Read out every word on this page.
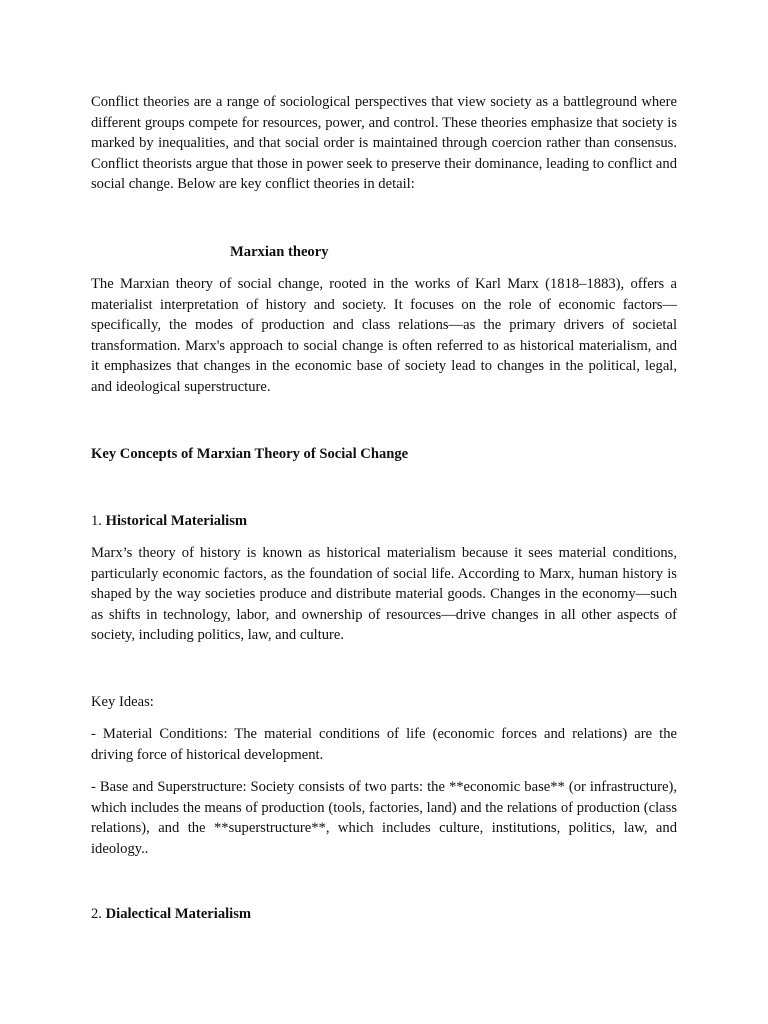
Conflict theories are a range of sociological perspectives that view society as a battleground where different groups compete for resources, power, and control. These theories emphasize that society is marked by inequalities, and that social order is maintained through coercion rather than consensus. Conflict theorists argue that those in power seek to preserve their dominance, leading to conflict and social change. Below are key conflict theories in detail:

Marxian theory

The Marxian theory of social change, rooted in the works of Karl Marx (1818–1883), offers a materialist interpretation of history and society. It focuses on the role of economic factors—specifically, the modes of production and class relations—as the primary drivers of societal transformation. Marx's approach to social change is often referred to as historical materialism, and it emphasizes that changes in the economic base of society lead to changes in the political, legal, and ideological superstructure.

Key Concepts of Marxian Theory of Social Change

1. Historical Materialism

Marx’s theory of history is known as historical materialism because it sees material conditions, particularly economic factors, as the foundation of social life. According to Marx, human history is shaped by the way societies produce and distribute material goods. Changes in the economy—such as shifts in technology, labor, and ownership of resources—drive changes in all other aspects of society, including politics, law, and culture.

Key Ideas:

- Material Conditions: The material conditions of life (economic forces and relations) are the driving force of historical development.

- Base and Superstructure: Society consists of two parts: the **economic base** (or infrastructure), which includes the means of production (tools, factories, land) and the relations of production (class relations), and the **superstructure**, which includes culture, institutions, politics, law, and ideology..

2. Dialectical Materialism
